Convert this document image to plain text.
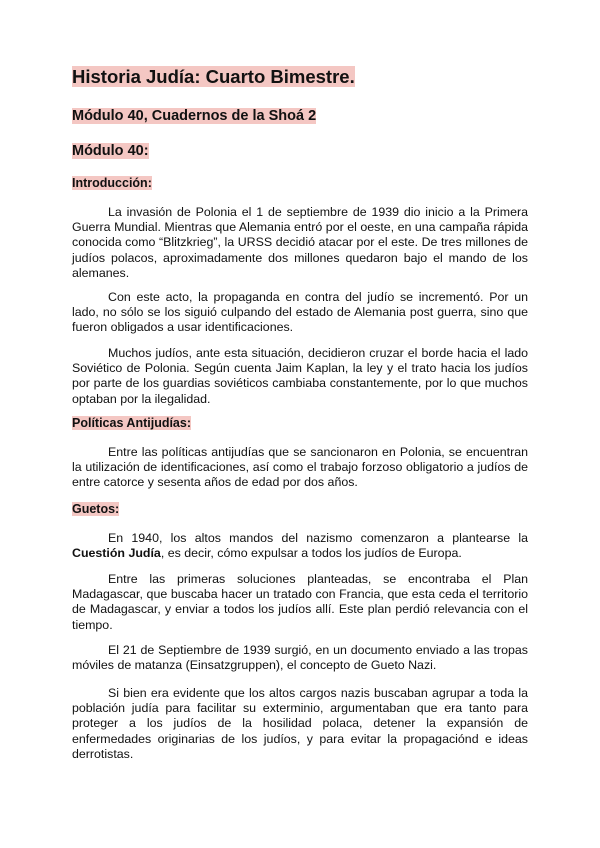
Historia Judía: Cuarto Bimestre.
Módulo 40, Cuadernos de la Shoá 2
Módulo 40:
Introducción:

La invasión de Polonia el 1 de septiembre de 1939 dio inicio a la Primera Guerra Mundial. Mientras que Alemania entró por el oeste, en una campaña rápida conocida como “Blitzkrieg”, la URSS decidió atacar por el este. De tres millones de judíos polacos, aproximadamente dos millones quedaron bajo el mando de los alemanes.

Con este acto, la propaganda en contra del judío se incrementó. Por un lado, no sólo se los siguió culpando del estado de Alemania post guerra, sino que fueron obligados a usar identificaciones.

Muchos judíos, ante esta situación, decidieron cruzar el borde hacia el lado Soviético de Polonia. Según cuenta Jaim Kaplan, la ley y el trato hacia los judíos por parte de los guardias soviéticos cambiaba constantemente, por lo que muchos optaban por la ilegalidad.

Políticas Antijudías:

Entre las políticas antijudías que se sancionaron en Polonia, se encuentran la utilización de identificaciones, así como el trabajo forzoso obligatorio a judíos de entre catorce y sesenta años de edad por dos años.

Guetos:

En 1940, los altos mandos del nazismo comenzaron a plantearse la Cuestión Judía, es decir, cómo expulsar a todos los judíos de Europa.

Entre las primeras soluciones planteadas, se encontraba el Plan Madagascar, que buscaba hacer un tratado con Francia, que esta ceda el territorio de Madagascar, y enviar a todos los judíos allí. Este plan perdió relevancia con el tiempo.

El 21 de Septiembre de 1939 surgió, en un documento enviado a las tropas móviles de matanza (Einsatzgruppen), el concepto de Gueto Nazi.

Si bien era evidente que los altos cargos nazis buscaban agrupar a toda la población judía para facilitar su exterminio, argumentaban que era tanto para proteger a los judíos de la hosilidad polaca, detener la expansión de enfermedades originarias de los judíos, y para evitar la propagaciónd e ideas derrotistas.
